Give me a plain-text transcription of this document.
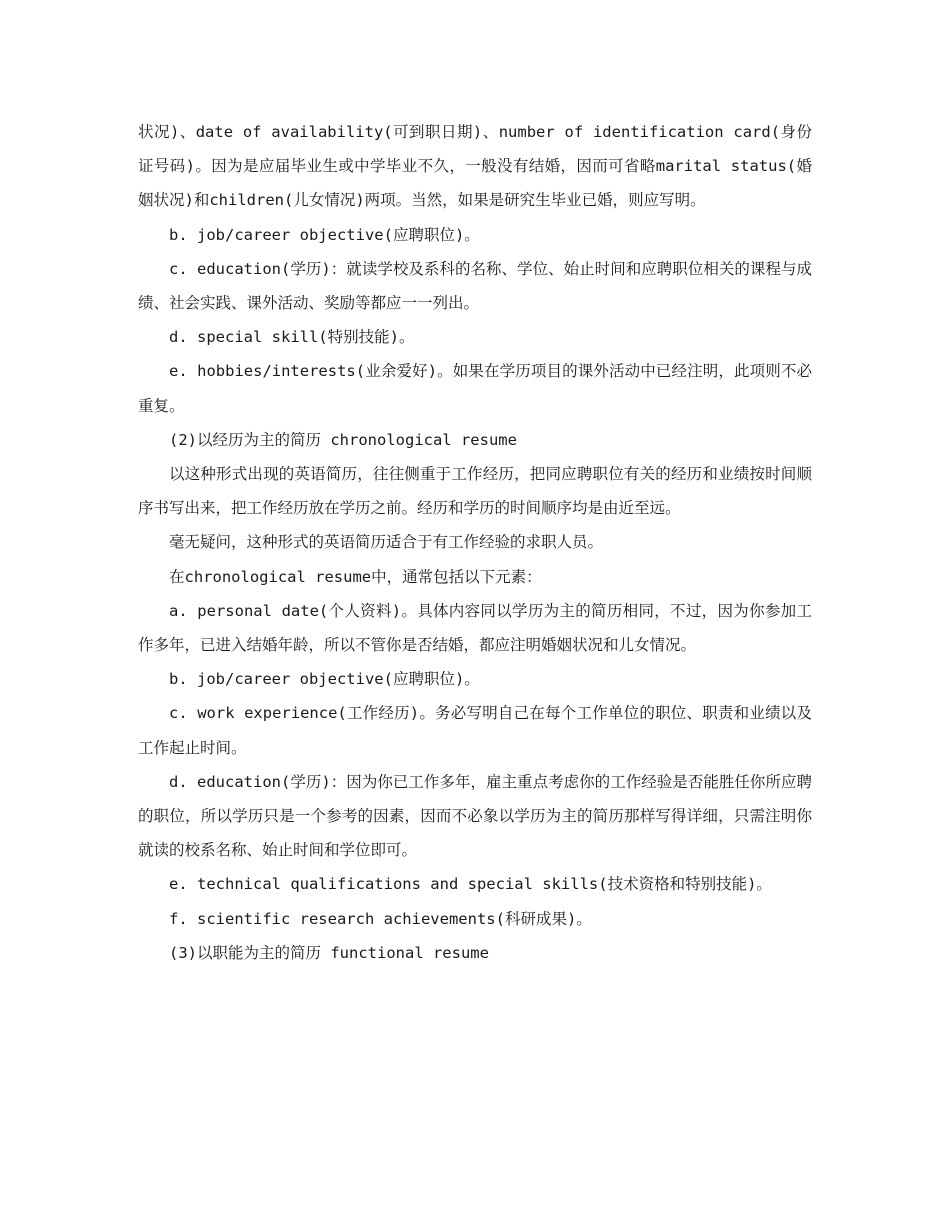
状况)、date of availability(可到职日期)、number of identification card(身份证号码)。因为是应届毕业生或中学毕业不久，一般没有结婚，因而可省略marital status(婚姻状况)和children(儿女情况)两项。当然，如果是研究生毕业已婚，则应写明。

b. job/career objective(应聘职位)。

c. education(学历)：就读学校及系科的名称、学位、始止时间和应聘职位相关的课程与成绩、社会实践、课外活动、奖励等都应一一列出。

d. special skill(特别技能)。

e. hobbies/interests(业余爱好)。如果在学历项目的课外活动中已经注明，此项则不必重复。

(2)以经历为主的简历 chronological resume

以这种形式出现的英语简历，往往侧重于工作经历，把同应聘职位有关的经历和业绩按时间顺序书写出来，把工作经历放在学历之前。经历和学历的时间顺序均是由近至远。

毫无疑问，这种形式的英语简历适合于有工作经验的求职人员。

在chronological resume中，通常包括以下元素：

a. personal date(个人资料)。具体内容同以学历为主的简历相同，不过，因为你参加工作多年，已进入结婚年龄，所以不管你是否结婚，都应注明婚姻状况和儿女情况。

b. job/career objective(应聘职位)。

c. work experience(工作经历)。务必写明自己在每个工作单位的职位、职责和业绩以及工作起止时间。

d. education(学历)：因为你已工作多年，雇主重点考虑你的工作经验是否能胜任你所应聘的职位，所以学历只是一个参考的因素，因而不必象以学历为主的简历那样写得详细，只需注明你就读的校系名称、始止时间和学位即可。

e. technical qualifications and special skills(技术资格和特别技能)。

f. scientific research achievements(科研成果)。

(3)以职能为主的简历 functional resume
